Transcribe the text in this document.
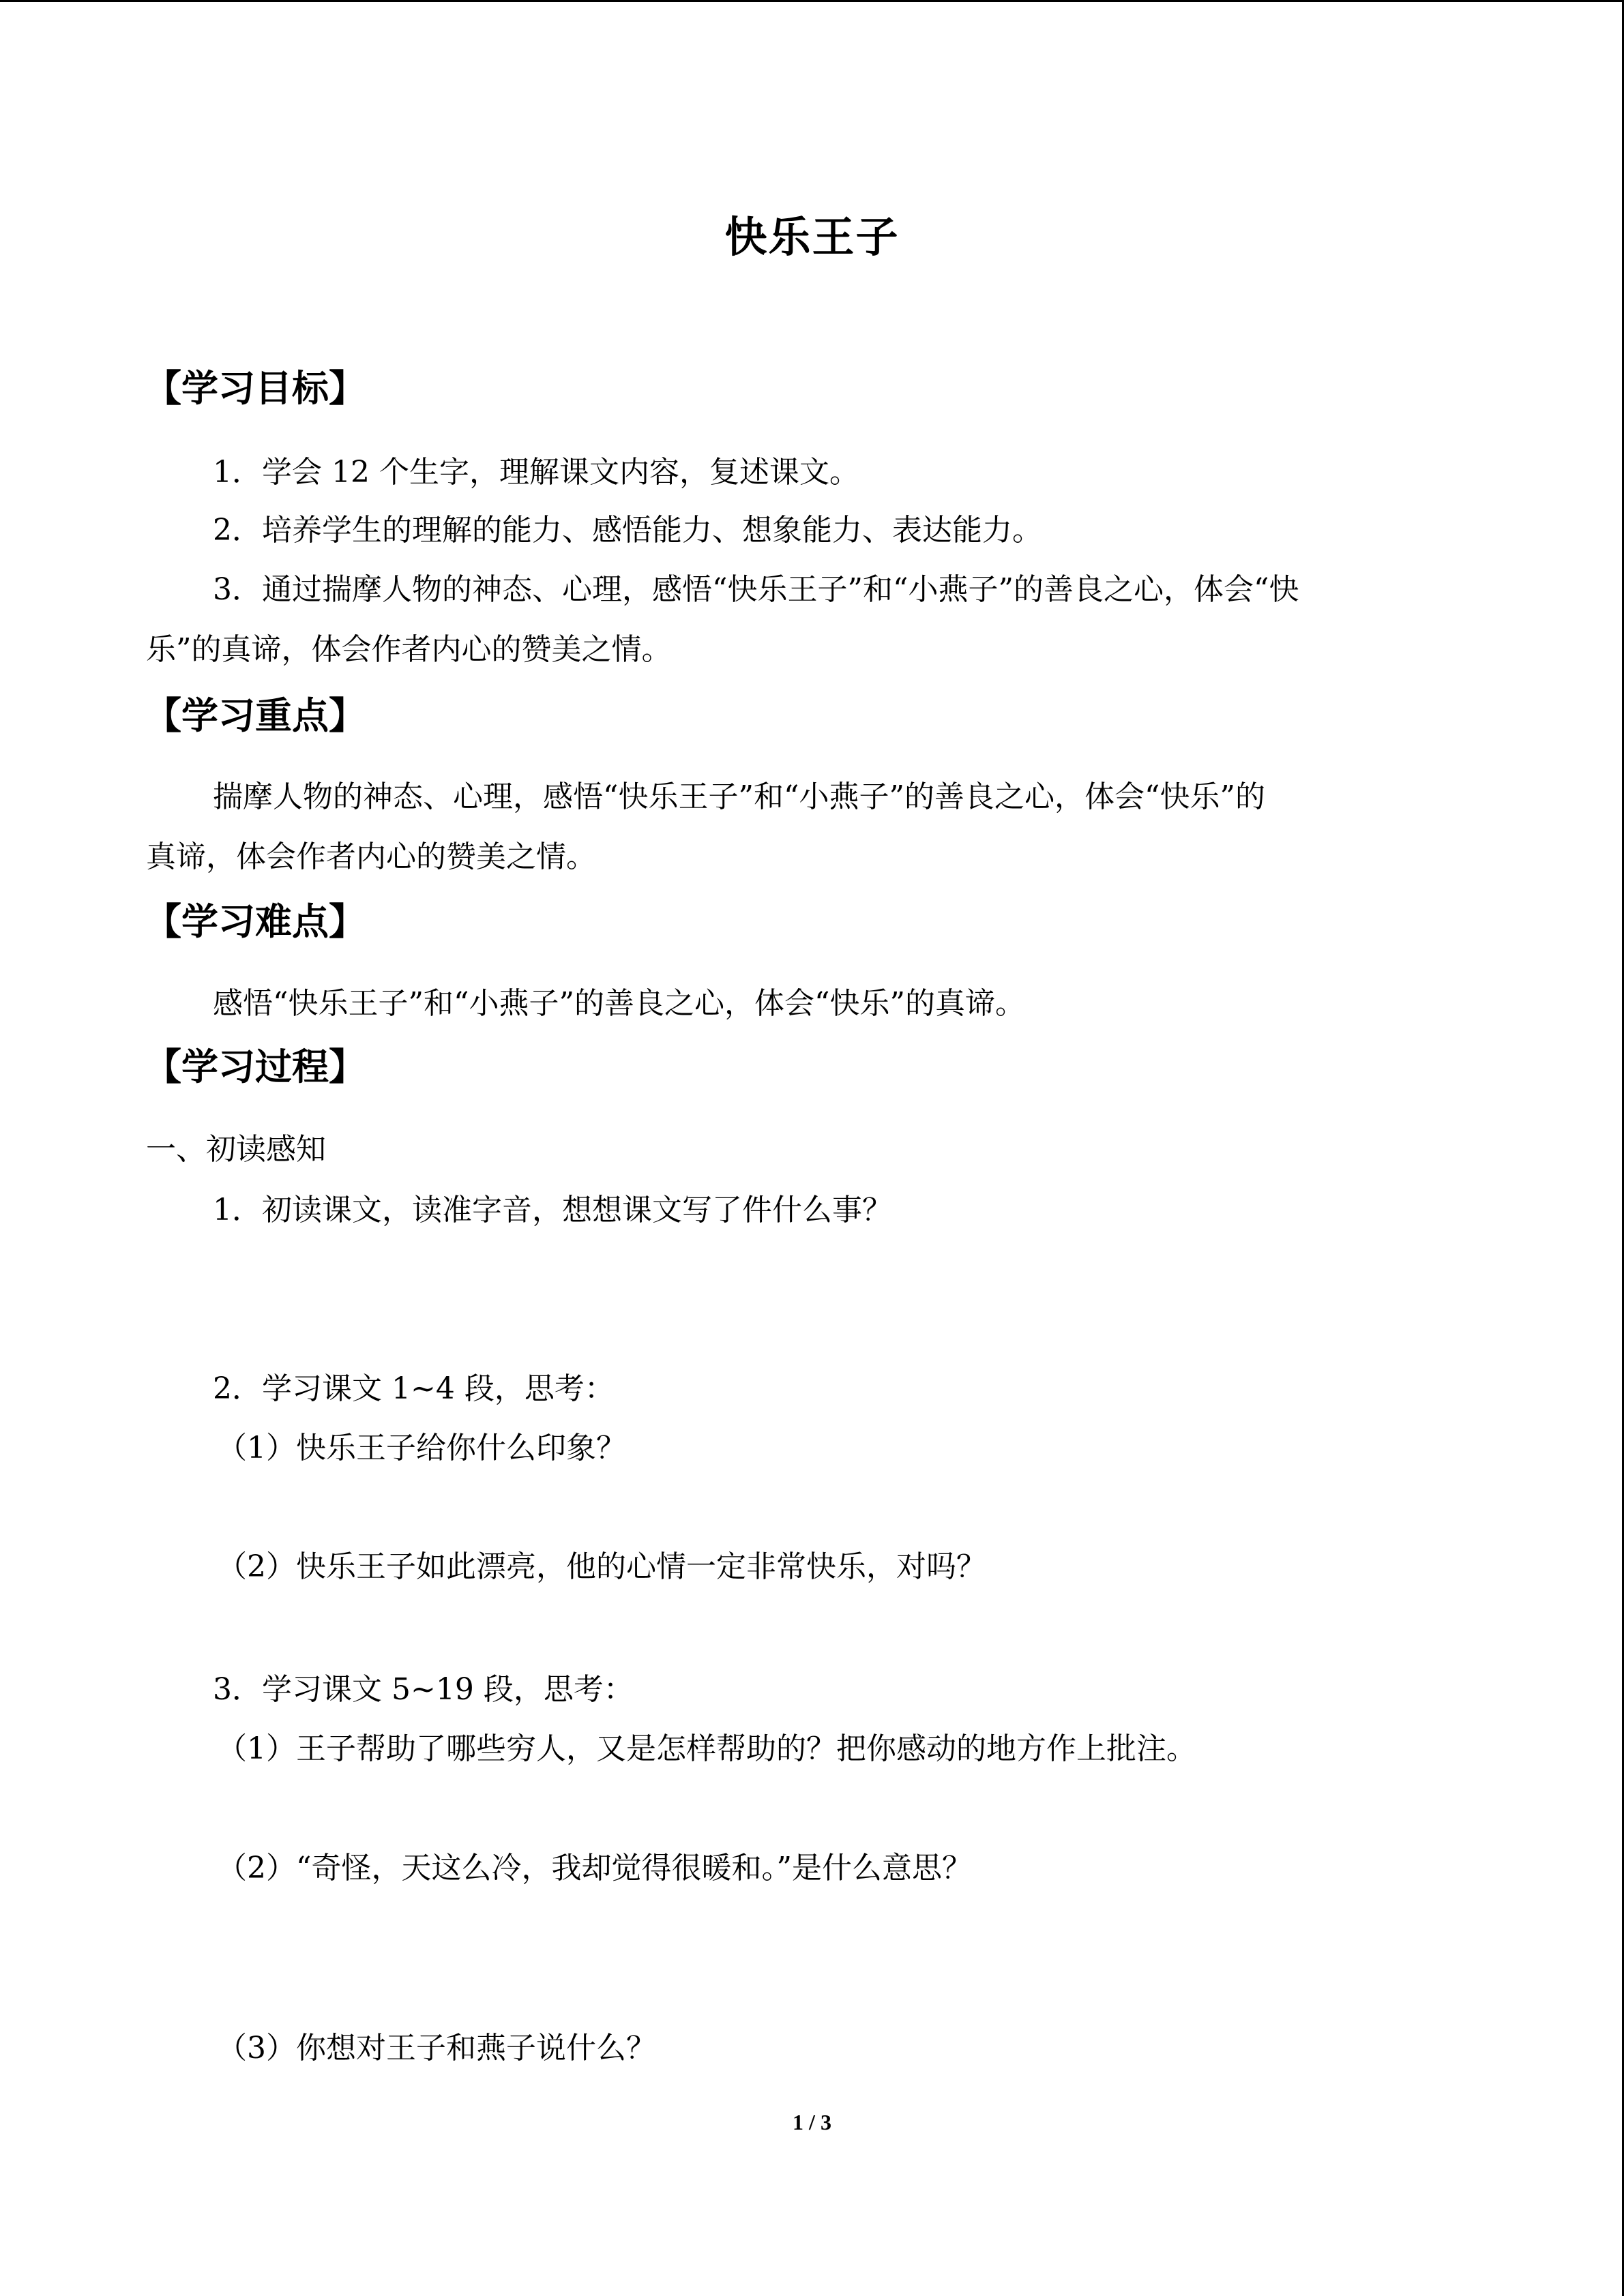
快乐王子
【学习目标】
1．学会 12 个生字，理解课文内容，复述课文。
2．培养学生的理解的能力、感悟能力、想象能力、表达能力。
3．通过揣摩人物的神态、心理，感悟“快乐王子”和“小燕子”的善良之心，体会“快
乐”的真谛，体会作者内心的赞美之情。
【学习重点】
揣摩人物的神态、心理，感悟“快乐王子”和“小燕子”的善良之心，体会“快乐”的
真谛，体会作者内心的赞美之情。
【学习难点】
感悟“快乐王子”和“小燕子”的善良之心，体会“快乐”的真谛。
【学习过程】
一、初读感知
1．初读课文，读准字音，想想课文写了件什么事？
2．学习课文 1~4 段，思考：
（1）快乐王子给你什么印象？
（2）快乐王子如此漂亮，他的心情一定非常快乐，对吗？
3．学习课文 5~19 段，思考：
（1）王子帮助了哪些穷人，又是怎样帮助的？把你感动的地方作上批注。
（2）“奇怪，天这么冷，我却觉得很暖和。”是什么意思？
（3）你想对王子和燕子说什么？
1 / 3
